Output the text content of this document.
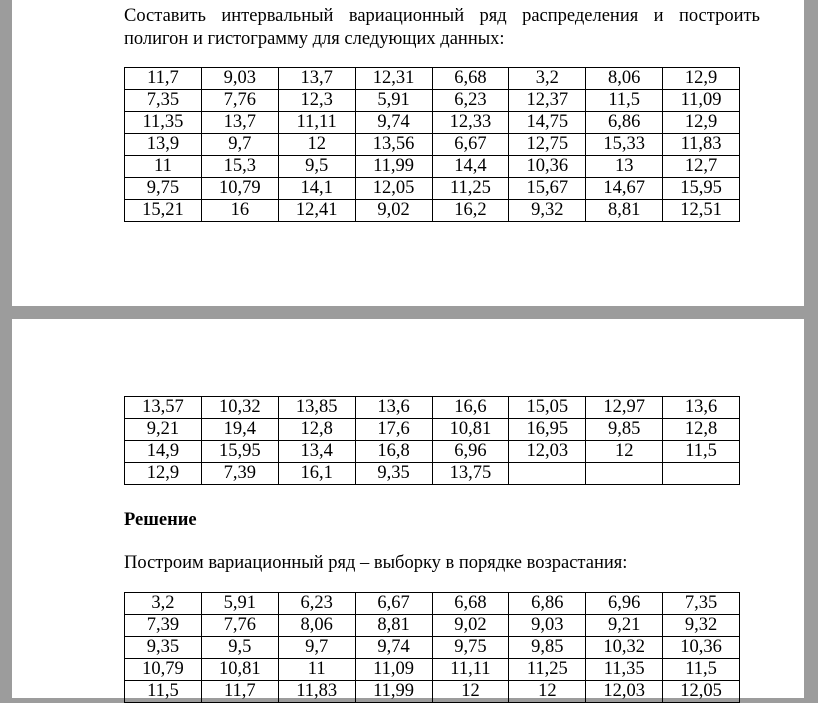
Составить интервальный вариационный ряд распределения и построить полигон и гистограмму для следующих данных:

11,7	9,03	13,7	12,31	6,68	3,2	8,06	12,9
7,35	7,76	12,3	5,91	6,23	12,37	11,5	11,09
11,35	13,7	11,11	9,74	12,33	14,75	6,86	12,9
13,9	9,7	12	13,56	6,67	12,75	15,33	11,83
11	15,3	9,5	11,99	14,4	10,36	13	12,7
9,75	10,79	14,1	12,05	11,25	15,67	14,67	15,95
15,21	16	12,41	9,02	16,2	9,32	8,81	12,51
13,57	10,32	13,85	13,6	16,6	15,05	12,97	13,6
9,21	19,4	12,8	17,6	10,81	16,95	9,85	12,8
14,9	15,95	13,4	16,8	6,96	12,03	12	11,5
12,9	7,39	16,1	9,35	13,75			

Решение

Построим вариационный ряд – выборку в порядке возрастания:

3,2	5,91	6,23	6,67	6,68	6,86	6,96	7,35
7,39	7,76	8,06	8,81	9,02	9,03	9,21	9,32
9,35	9,5	9,7	9,74	9,75	9,85	10,32	10,36
10,79	10,81	11	11,09	11,11	11,25	11,35	11,5
11,5	11,7	11,83	11,99	12	12	12,03	12,05
